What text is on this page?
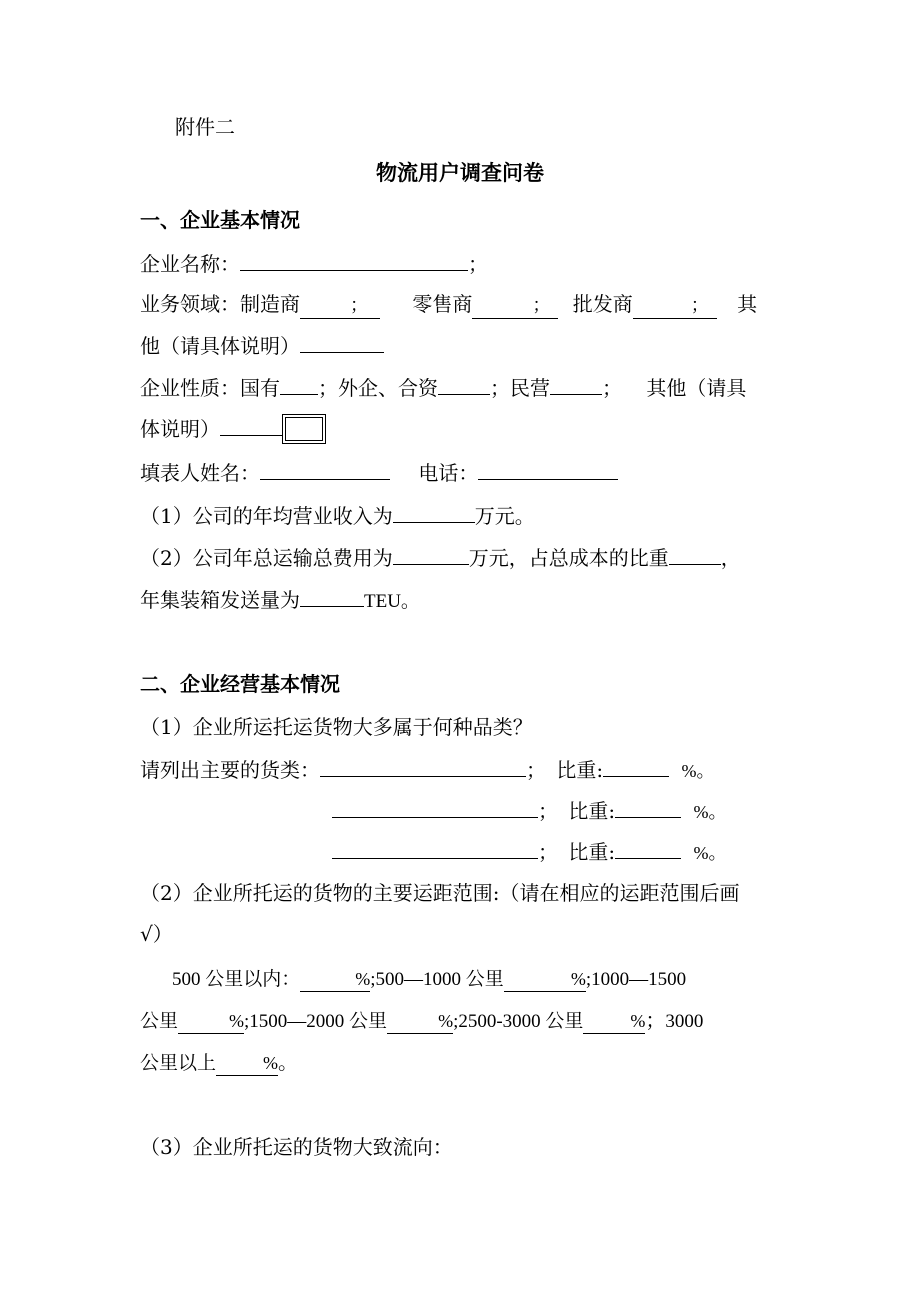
附件二
物流用户调查问卷
一、企业基本情况
企业名称：	；
业务领域：制造商	； 零售商	； 批发商	； 其
他（请具体说明）
企业性质：国有 ；外企、合资	；民营	； 其他（请具
体说明）
填表人姓名：	电话：
（1）公司的年均营业收入为	万元。
（2）公司年总运输总费用为	万元，占总成本的比重	，
年集装箱发送量为	TEU。
二、企业经营基本情况
（1）企业所运托运货物大多属于何种品类？
请列出主要的货类：	； 比重:	%。
； 比重:	%。
； 比重:	%。
（2）企业所托运的货物的主要运距范围:（请在相应的运距范围后画
√）
500 公里以内：	%;500—1000 公里	%;1000—1500
公里	%;1500—2000 公里	%;2500-3000 公里	%；3000
公里以上	%。
（3）企业所托运的货物大致流向：
